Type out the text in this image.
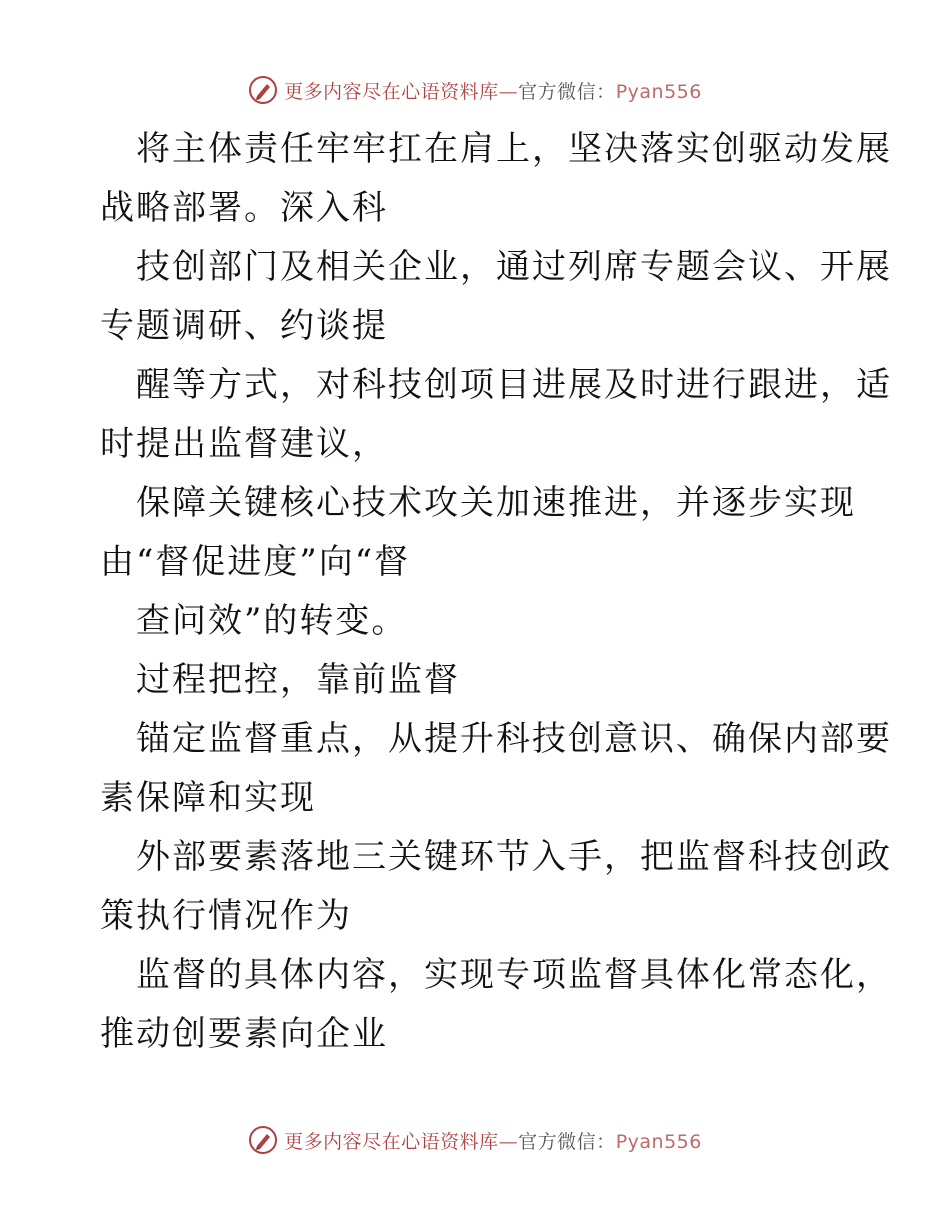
更多内容尽在心语资料库—官方微信：Pyan556
将主体责任牢牢扛在肩上，坚决落实创驱动发展
战略部署。深入科
技创部门及相关企业，通过列席专题会议、开展
专题调研、约谈提
醒等方式，对科技创项目进展及时进行跟进，适
时提出监督建议，
保障关键核心技术攻关加速推进，并逐步实现
由“督促进度”向“督
查问效”的转变。
过程把控，靠前监督
锚定监督重点，从提升科技创意识、确保内部要
素保障和实现
外部要素落地三关键环节入手，把监督科技创政
策执行情况作为
监督的具体内容，实现专项监督具体化常态化，
推动创要素向企业
更多内容尽在心语资料库—官方微信：Pyan556
